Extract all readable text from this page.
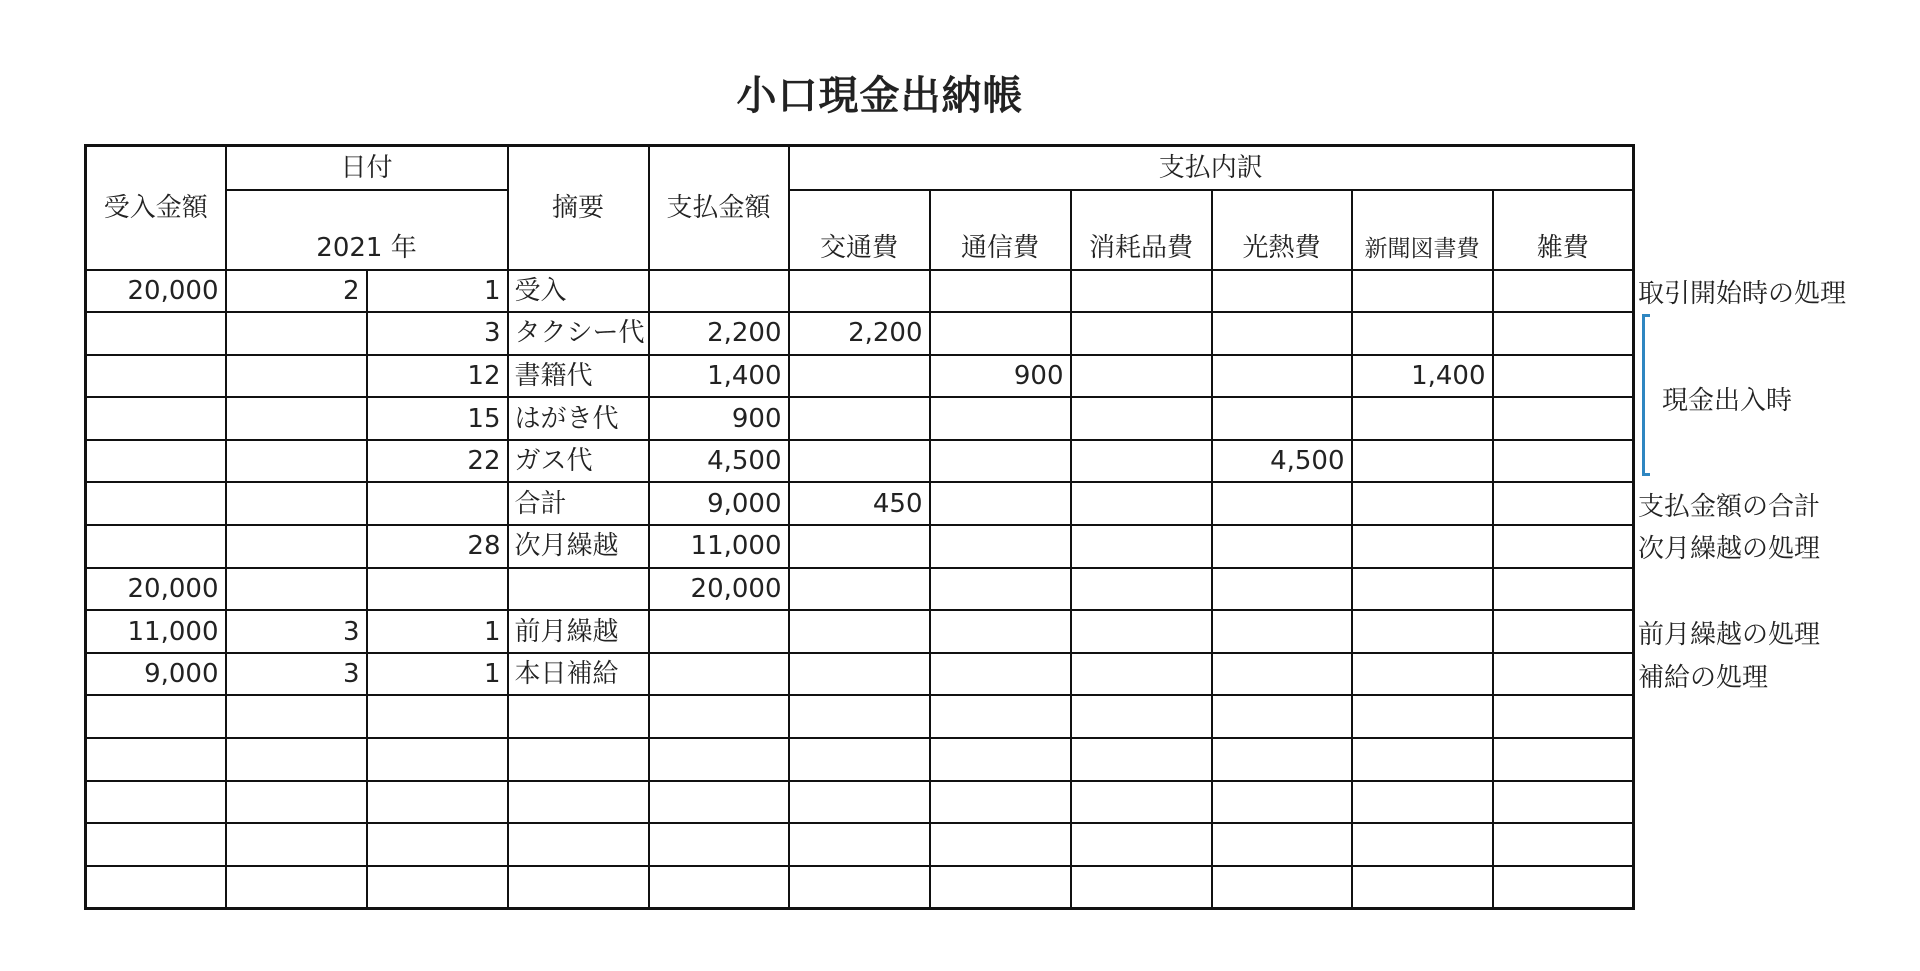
小口現金出納帳
受入金額	日付		摘要	支払金額	支払内訳					
	2021 年				交通費	通信費	消耗品費	光熱費	新聞図書費	雑費
20,000	2	1	受入							
		3	タクシー代	2,200	2,200					
		12	書籍代	1,400		900			1,400	
		15	はがき代	900						
		22	ガス代	4,500				4,500		
			合計	9,000	450					
		28	次月繰越	11,000						
20,000				20,000						
11,000	3	1	前月繰越							
9,000	3	1	本日補給							

取引開始時の処理
現金出入時
支払金額の合計
次月繰越の処理
前月繰越の処理
補給の処理
